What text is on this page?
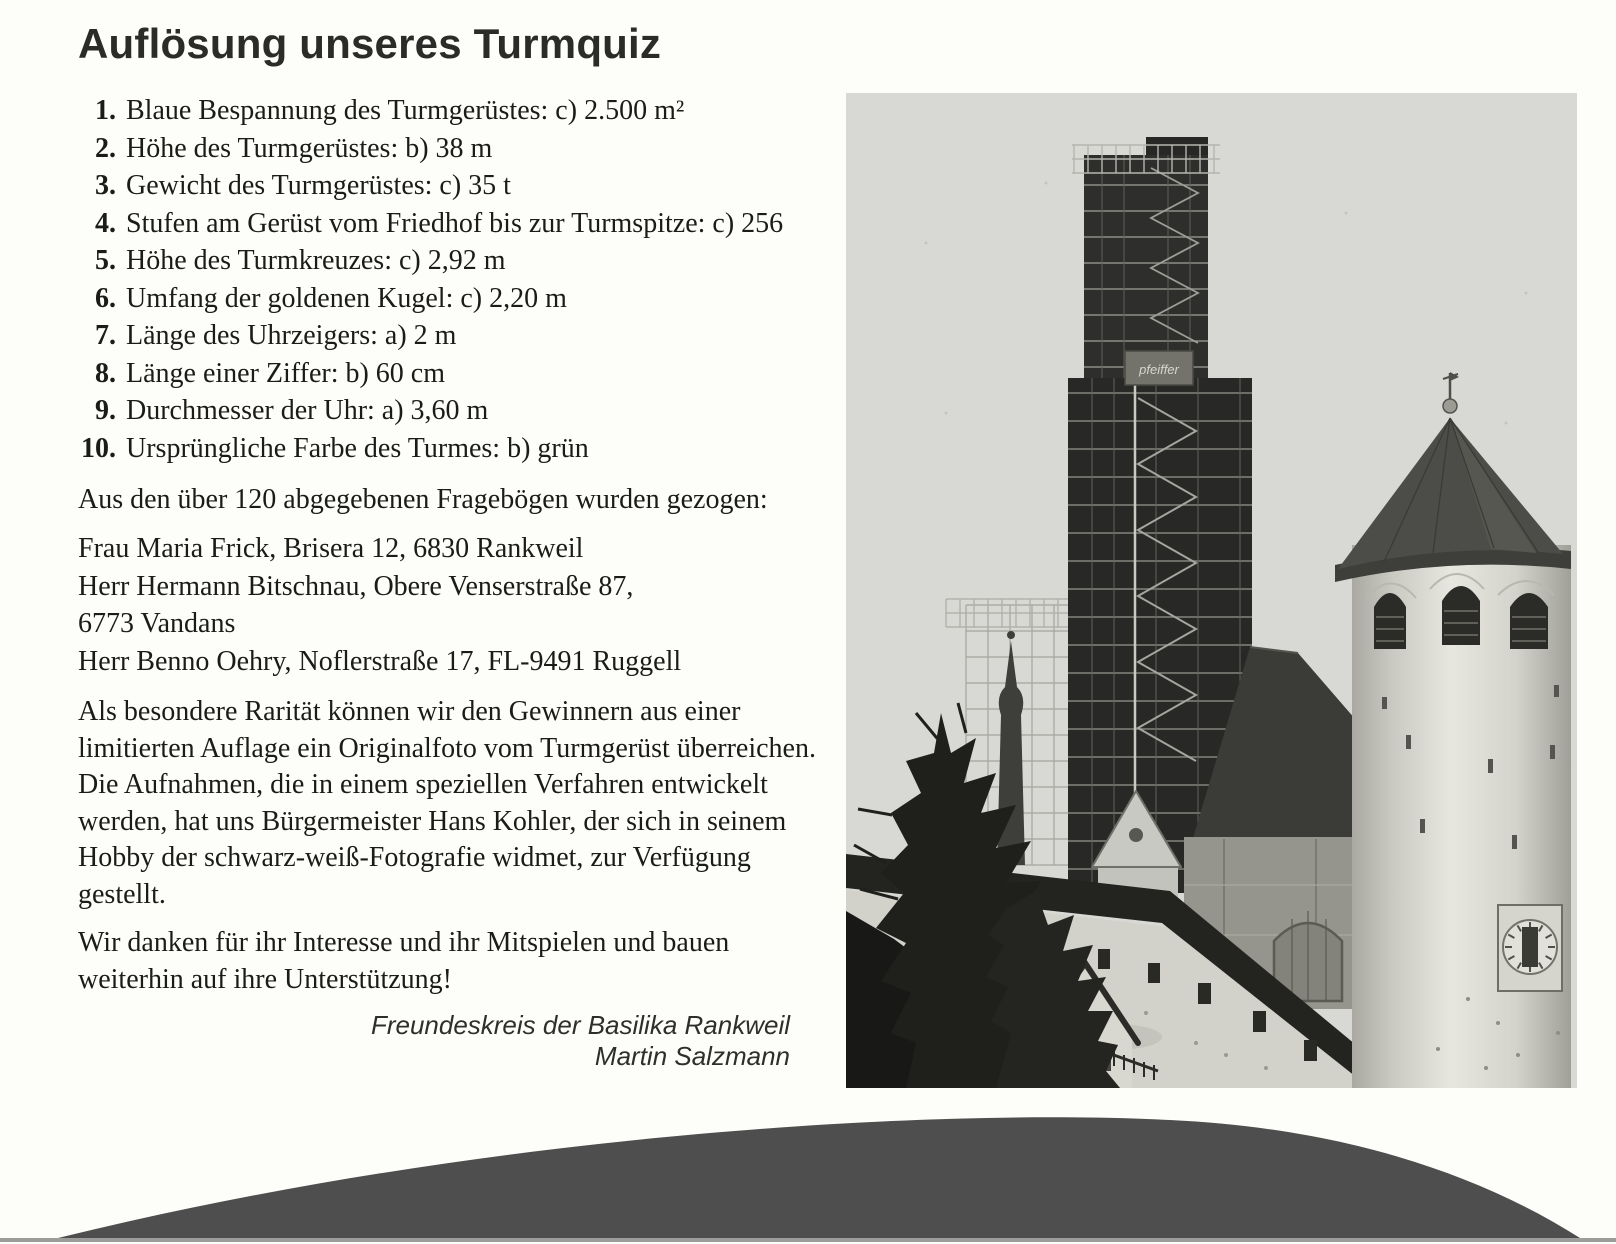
Auflösung unseres Turmquiz
1. Blaue Bespannung des Turmgerüstes: c) 2.500 m²
2. Höhe des Turmgerüstes: b) 38 m
3. Gewicht des Turmgerüstes: c) 35 t
4. Stufen am Gerüst vom Friedhof bis zur Turmspitze: c) 256
5. Höhe des Turmkreuzes: c) 2,92 m
6. Umfang der goldenen Kugel: c) 2,20 m
7. Länge des Uhrzeigers: a) 2 m
8. Länge einer Ziffer: b) 60 cm
9. Durchmesser der Uhr: a) 3,60 m
10. Ursprüngliche Farbe des Turmes: b) grün

Aus den über 120 abgegebenen Fragebögen wurden gezogen:

Frau Maria Frick, Brisera 12, 6830 Rankweil

Herr Hermann Bitschnau, Obere Venserstraße 87,

6773 Vandans

Herr Benno Oehry, Noflerstraße 17, FL-9491 Ruggell

Als besondere Rarität können wir den Gewinnern aus einer limitierten Auflage ein Originalfoto vom Turmgerüst überreichen. Die Aufnahmen, die in einem speziellen Verfahren entwickelt werden, hat uns Bürgermeister Hans Kohler, der sich in seinem Hobby der schwarz-weiß-Fotografie widmet, zur Verfügung gestellt.

Wir danken für ihr Interesse und ihr Mitspielen und bauen weiterhin auf ihre Unterstützung!

Freundeskreis der Basilika Rankweil

Martin Salzmann

pfeiffer
